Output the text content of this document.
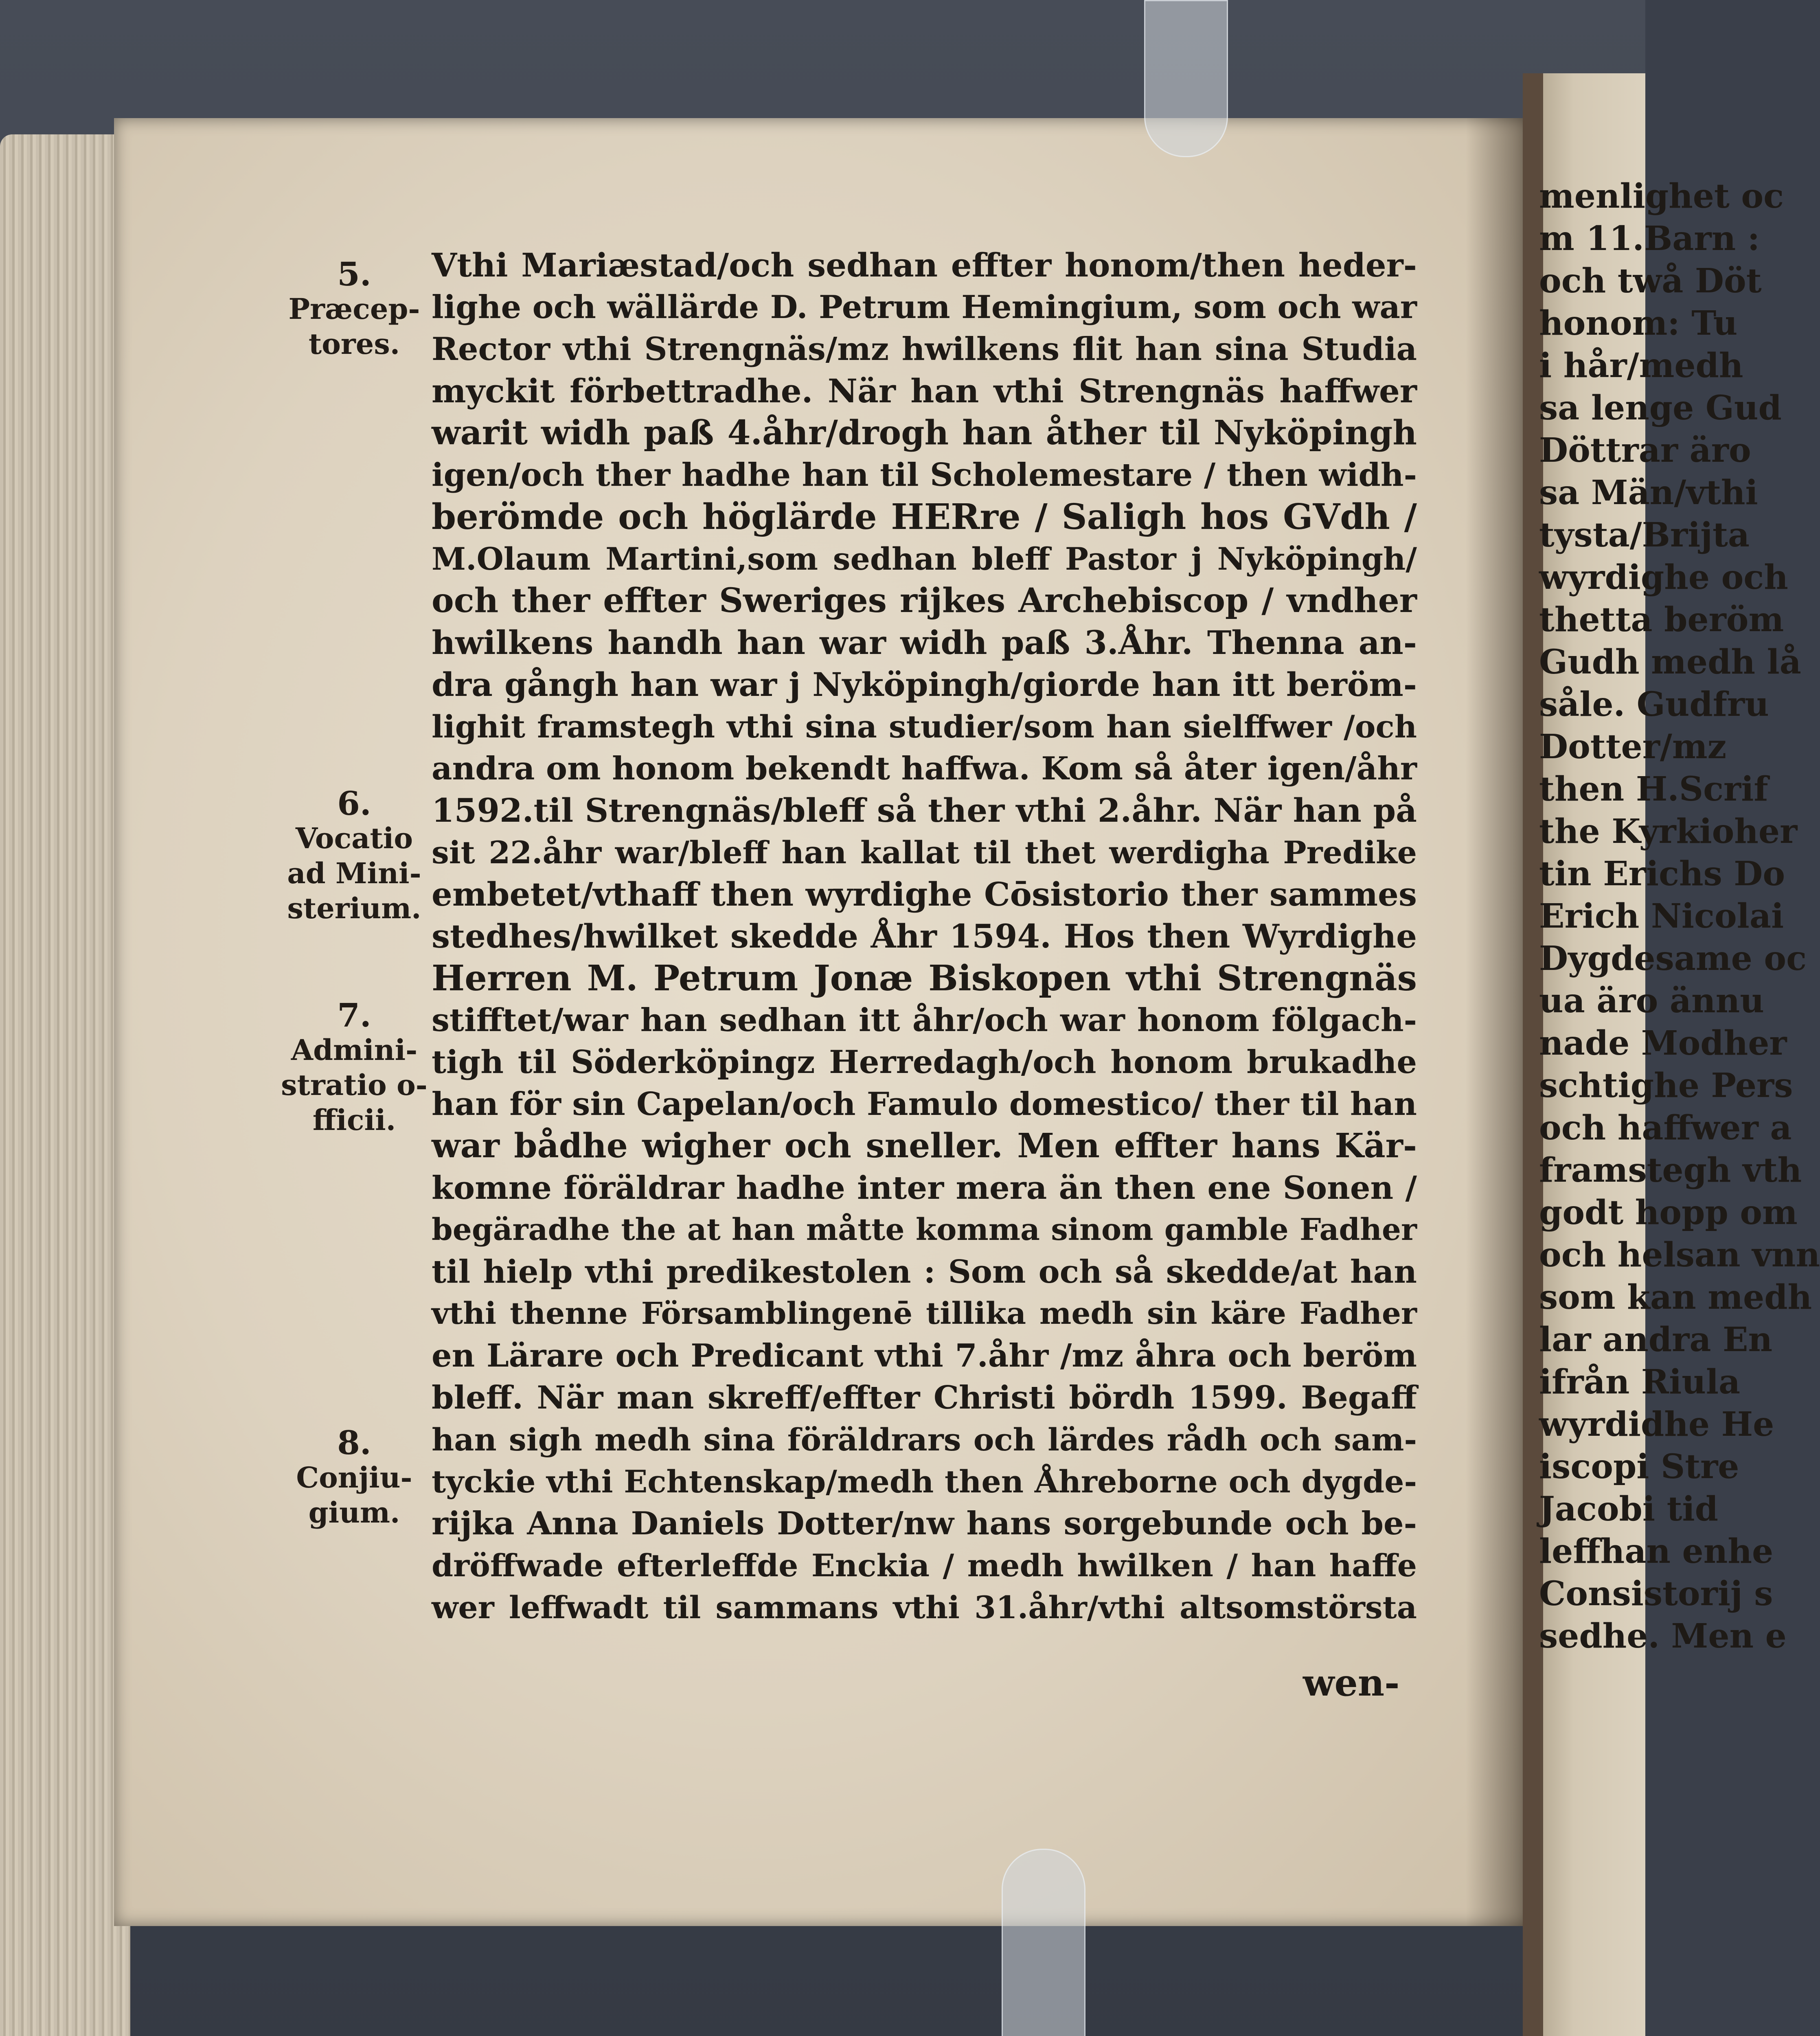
menlighet oc
m 11.Barn :
och twå Döt
honom: Tu
i hår/medh
sa lenge Gud
Döttrar äro
sa Män/vthi
tysta/Brijta
wyrdighe och
thetta beröm
Gudh medh lå
såle. Gudfru
Dotter/mz
then H.Scrif
the Kyrkioher
tin Erichs Do
Erich Nicolai
Dygdesame oc
ua äro ännu
nade Modher
schtighe Pers
och haffwer a
framstegh vth
godt hopp om
och helsan vnn
som kan medh
lar andra En
ifrån Riula
wyrdidhe He
iscopi Stre
Jacobi tid
leffhan enhe
Consistorij s
sedhe. Men e
5.
Præcep-
tores.
6.
Vocatio
ad Mini-
sterium.
7.
Admini-
stratio o-
fficii.
8.
Conjiu-
gium.
Vthi Mariæstad/och sedhan effter honom/then heder-
lighe och wällärde D. Petrum Hemingium, som och war
Rector vthi Strengnäs/mz hwilkens flit han sina Studia
myckit förbettradhe. När han vthi Strengnäs haffwer
warit widh paß 4.åhr/drogh han åther til Nyköpingh
igen/och ther hadhe han til Scholemestare / then widh-
berömde och höglärde HERre / Saligh hos GVdh /
M.Olaum Martini,som sedhan bleff Pastor j Nyköpingh/
och ther effter Sweriges rijkes Archebiscop / vndher
hwilkens handh han war widh paß 3.Åhr. Thenna an-
dra gångh han war j Nyköpingh/giorde han itt beröm-
lighit framstegh vthi sina studier/som han sielffwer /och
andra om honom bekendt haffwa. Kom så åter igen/åhr
1592.til Strengnäs/bleff så ther vthi 2.åhr. När han på
sit 22.åhr war/bleff han kallat til thet werdigha Predike
embetet/vthaff then wyrdighe Cōsistorio ther sammes
stedhes/hwilket skedde Åhr 1594. Hos then Wyrdighe
Herren M. Petrum Jonæ Biskopen vthi Strengnäs
stifftet/war han sedhan itt åhr/och war honom fölgach-
tigh til Söderköpingz Herredagh/och honom brukadhe
han för sin Capelan/och Famulo domestico/ ther til han
war bådhe wigher och sneller. Men effter hans Kär-
komne föräldrar hadhe inter mera än then ene Sonen /
begäradhe the at han måtte komma sinom gamble Fadher
til hielp vthi predikestolen : Som och så skedde/at han
vthi thenne Församblingenē tillika medh sin käre Fadher
en Lärare och Predicant vthi 7.åhr /mz åhra och beröm
bleff. När man skreff/effter Christi bördh 1599. Begaff
han sigh medh sina föräldrars och lärdes rådh och sam-
tyckie vthi Echtenskap/medh then Åhreborne och dygde-
rijka Anna Daniels Dotter/nw hans sorgebunde och be-
dröffwade efterleffde Enckia / medh hwilken / han haffe
wer leffwadt til sammans vthi 31.åhr/vthi altsomstörsta
wen-
